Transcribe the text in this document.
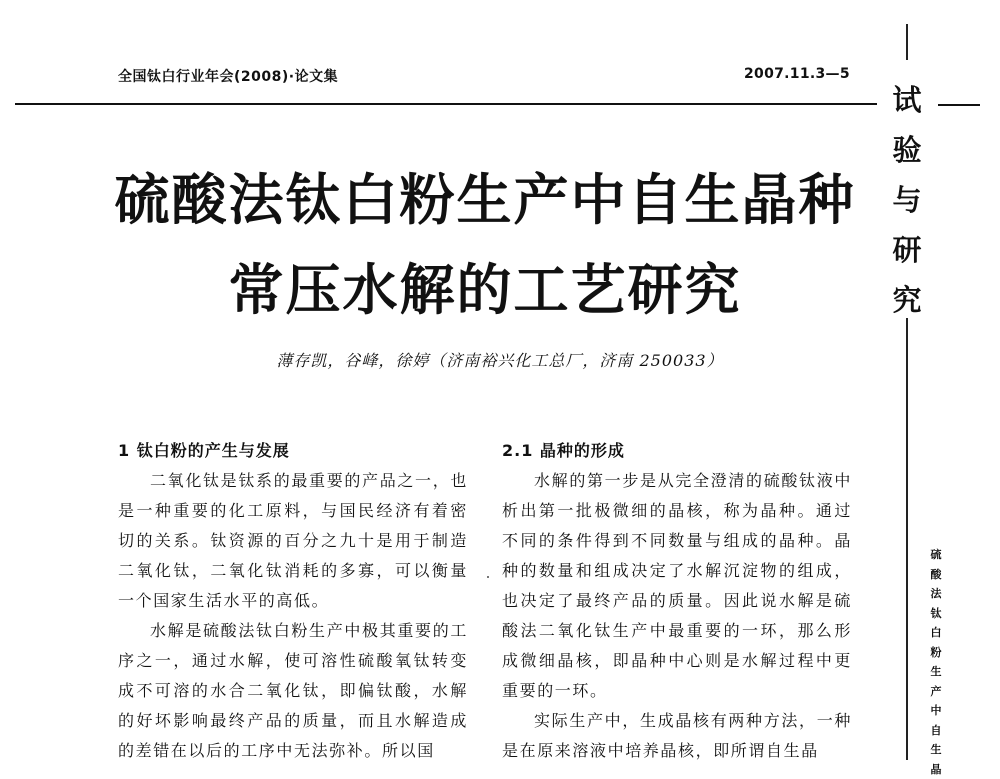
全国钛白行业年会(2008)·论文集	2007.11.3—5
试
验
与
研
究
硫酸法钛白粉生产中自生晶种
常压水解的工艺研究
薄存凯，谷峰，徐婷（济南裕兴化工总厂，济南 250033）
1 钛白粉的产生与发展

二氧化钛是钛系的最重要的产品之一，也是一种重要的化工原料，与国民经济有着密切的关系。钛资源的百分之九十是用于制造二氧化钛，二氧化钛消耗的多寡，可以衡量一个国家生活水平的高低。

水解是硫酸法钛白粉生产中极其重要的工序之一，通过水解，使可溶性硫酸氧钛转变成不可溶的水合二氧化钛，即偏钛酸，水解的好坏影响最终产品的质量，而且水解造成的差错在以后的工序中无法弥补。所以国

2.1 晶种的形成

水解的第一步是从完全澄清的硫酸钛液中析出第一批极微细的晶核，称为晶种。通过不同的条件得到不同数量与组成的晶种。晶种的数量和组成决定了水解沉淀物的组成，也决定了最终产品的质量。因此说水解是硫酸法二氧化钛生产中最重要的一环，那么形成微细晶核，即晶种中心则是水解过程中更重要的一环。

实际生产中，生成晶核有两种方法，一种是在原来溶液中培养晶核，即所谓自生晶

硫酸法钛白粉生产中自生晶
